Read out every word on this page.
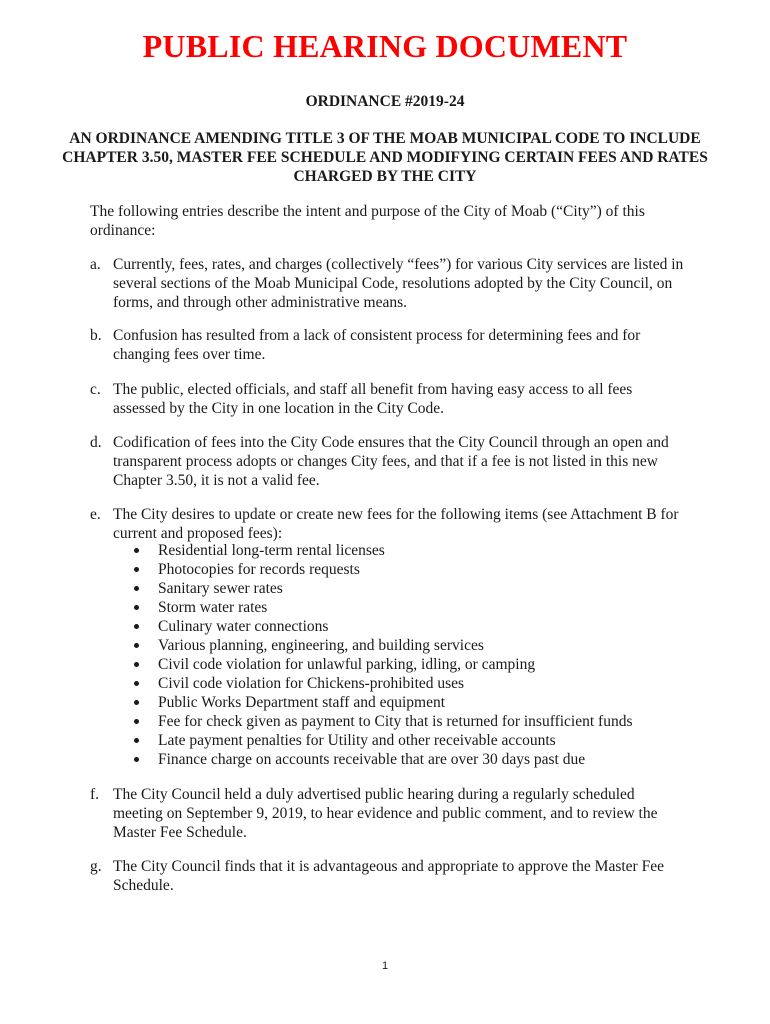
PUBLIC HEARING DOCUMENT
ORDINANCE #2019-24
AN ORDINANCE AMENDING TITLE 3 OF THE MOAB MUNICIPAL CODE TO INCLUDE CHAPTER 3.50, MASTER FEE SCHEDULE AND MODIFYING CERTAIN FEES AND RATES CHARGED BY THE CITY
The following entries describe the intent and purpose of the City of Moab (“City”) of this ordinance:
a. Currently, fees, rates, and charges (collectively “fees”) for various City services are listed in several sections of the Moab Municipal Code, resolutions adopted by the City Council, on forms, and through other administrative means.
b. Confusion has resulted from a lack of consistent process for determining fees and for changing fees over time.
c. The public, elected officials, and staff all benefit from having easy access to all fees assessed by the City in one location in the City Code.
d. Codification of fees into the City Code ensures that the City Council through an open and transparent process adopts or changes City fees, and that if a fee is not listed in this new Chapter 3.50, it is not a valid fee.
e. The City desires to update or create new fees for the following items (see Attachment B for current and proposed fees):
Residential long-term rental licenses
Photocopies for records requests
Sanitary sewer rates
Storm water rates
Culinary water connections
Various planning, engineering, and building services
Civil code violation for unlawful parking, idling, or camping
Civil code violation for Chickens-prohibited uses
Public Works Department staff and equipment
Fee for check given as payment to City that is returned for insufficient funds
Late payment penalties for Utility and other receivable accounts
Finance charge on accounts receivable that are over 30 days past due
f. The City Council held a duly advertised public hearing during a regularly scheduled meeting on September 9, 2019, to hear evidence and public comment, and to review the Master Fee Schedule.
g. The City Council finds that it is advantageous and appropriate to approve the Master Fee Schedule.
1
